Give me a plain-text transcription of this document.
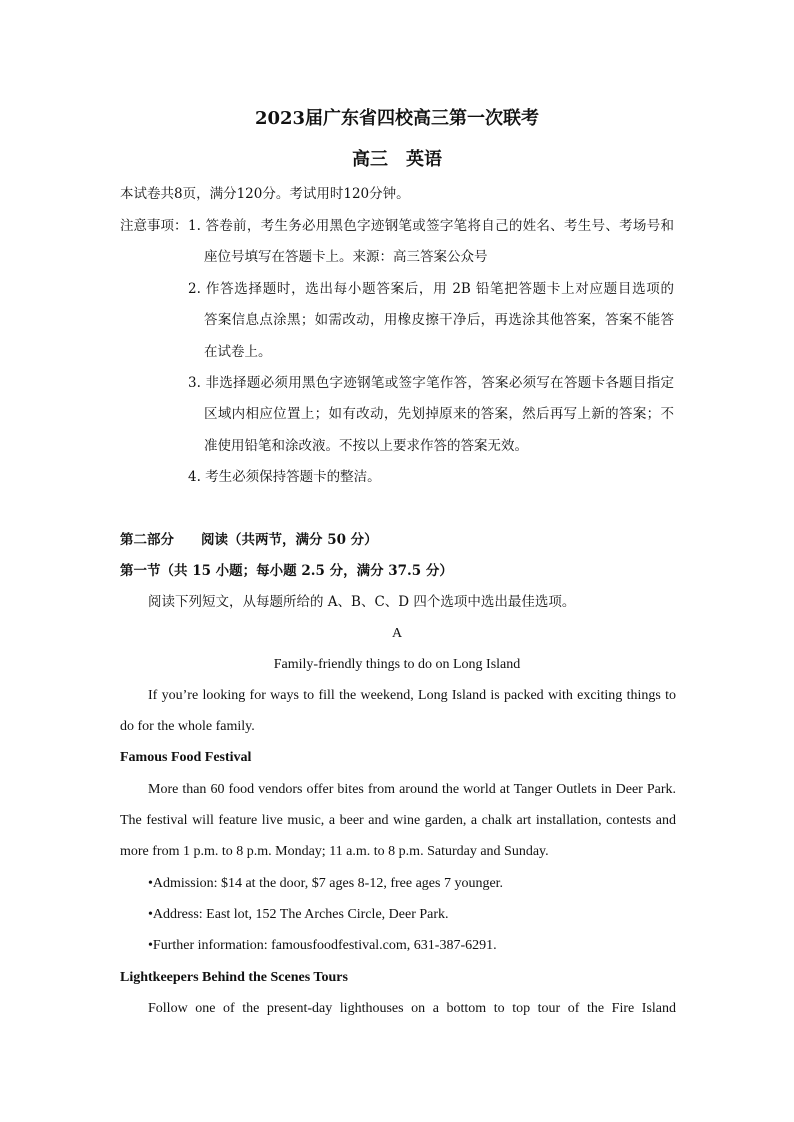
2023届广东省四校高三第一次联考
高三　英语
本试卷共8页，满分120分。考试用时120分钟。
注意事项： 1. 答卷前，考生务必用黑色字迹钢笔或签字笔将自己的姓名、考生号、考场号和
座位号填写在答题卡上。来源：高三答案公众号
2. 作答选择题时，选出每小题答案后，用 2B 铅笔把答题卡上对应题目选项的
答案信息点涂黑；如需改动，用橡皮擦干净后，再选涂其他答案，答案不能答
在试卷上。
3. 非选择题必须用黑色字迹钢笔或签字笔作答，答案必须写在答题卡各题目指定
区域内相应位置上；如有改动，先划掉原来的答案，然后再写上新的答案；不
准使用铅笔和涂改液。不按以上要求作答的答案无效。
4. 考生必须保持答题卡的整洁。
第二部分　　阅读（共两节，满分 50 分）
第一节（共 15 小题；每小题 2.5 分，满分 37.5 分）
阅读下列短文，从每题所给的 A、B、C、D 四个选项中选出最佳选项。
A
Family-friendly things to do on Long Island
If you’re looking for ways to fill the weekend, Long Island is packed with exciting things to
do for the whole family.
Famous Food Festival
More than 60 food vendors offer bites from around the world at Tanger Outlets in Deer Park.
The festival will feature live music, a beer and wine garden, a chalk art installation, contests and
more from 1 p.m. to 8 p.m. Monday; 11 a.m. to 8 p.m. Saturday and Sunday.
•Admission: $14 at the door, $7 ages 8-12, free ages 7 younger.
•Address: East lot, 152 The Arches Circle, Deer Park.
•Further information: famousfoodfestival.com, 631-387-6291.
Lightkeepers Behind the Scenes Tours
Follow one of the present-day lighthouses on a bottom to top tour of the Fire Island
